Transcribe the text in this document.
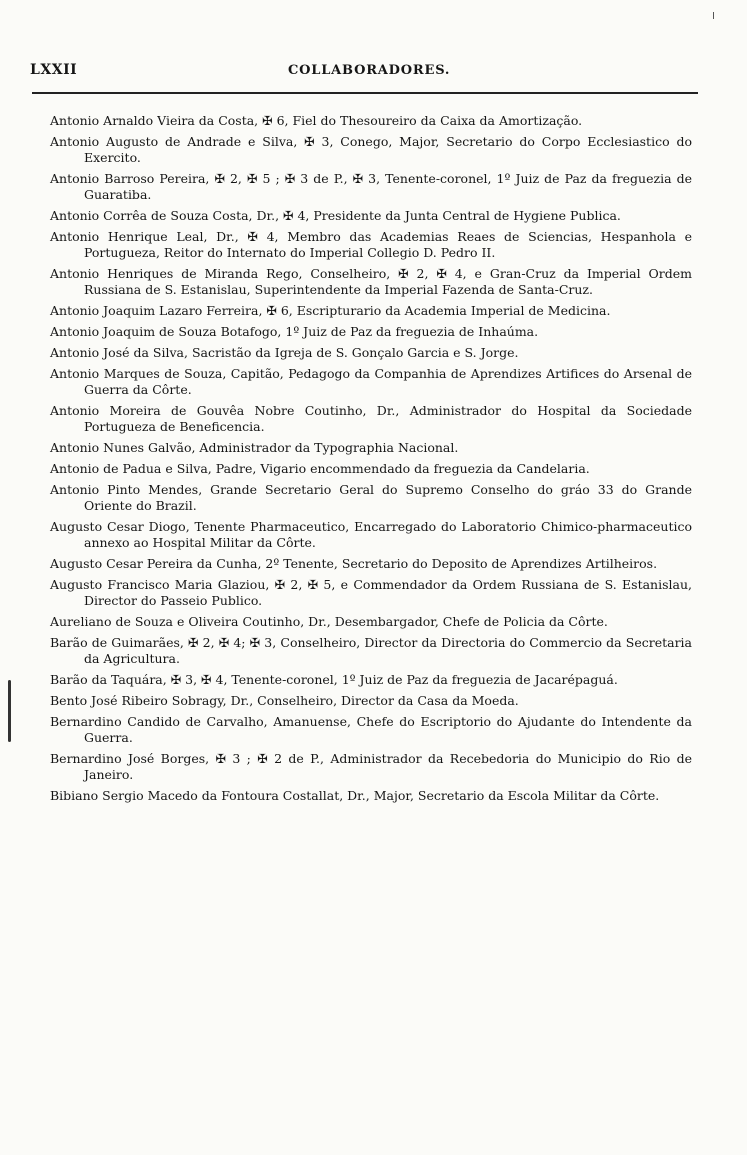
LXXII	COLLABORADORES.
Antonio Arnaldo Vieira da Costa, ✠ 6, Fiel do Thesoureiro da Caixa da Amortização.
Antonio Augusto de Andrade e Silva, ✠ 3, Conego, Major, Secretario do Corpo Ecclesiastico do Exercito.
Antonio Barroso Pereira, ✠ 2, ✠ 5 ; ✠ 3 de P., ✠ 3, Tenente-coronel, 1º Juiz de Paz da freguezia de Guaratiba.
Antonio Corrêa de Souza Costa, Dr., ✠ 4, Presidente da Junta Central de Hygiene Publica.
Antonio Henrique Leal, Dr., ✠ 4, Membro das Academias Reaes de Sciencias, Hespanhola e Portugueza, Reitor do Internato do Imperial Collegio D. Pedro II.
Antonio Henriques de Miranda Rego, Conselheiro, ✠ 2, ✠ 4, e Gran-Cruz da Imperial Ordem Russiana de S. Estanislau, Superintendente da Imperial Fazenda de Santa-Cruz.
Antonio Joaquim Lazaro Ferreira, ✠ 6, Escripturario da Academia Imperial de Medicina.
Antonio Joaquim de Souza Botafogo, 1º Juiz de Paz da freguezia de Inhaúma.
Antonio José da Silva, Sacristão da Igreja de S. Gonçalo Garcia e S. Jorge.
Antonio Marques de Souza, Capitão, Pedagogo da Companhia de Aprendizes Artifices do Arsenal de Guerra da Côrte.
Antonio Moreira de Gouvêa Nobre Coutinho, Dr., Administrador do Hospital da Sociedade Portugueza de Beneficencia.
Antonio Nunes Galvão, Administrador da Typographia Nacional.
Antonio de Padua e Silva, Padre, Vigario encommendado da freguezia da Candelaria.
Antonio Pinto Mendes, Grande Secretario Geral do Supremo Conselho do gráo 33 do Grande Oriente do Brazil.
Augusto Cesar Diogo, Tenente Pharmaceutico, Encarregado do Laboratorio Chimico-pharmaceutico annexo ao Hospital Militar da Côrte.
Augusto Cesar Pereira da Cunha, 2º Tenente, Secretario do Deposito de Aprendizes Artilheiros.
Augusto Francisco Maria Glaziou, ✠ 2, ✠ 5, e Commendador da Ordem Russiana de S. Estanislau, Director do Passeio Publico.
Aureliano de Souza e Oliveira Coutinho, Dr., Desembargador, Chefe de Policia da Côrte.
Barão de Guimarães, ✠ 2, ✠ 4; ✠ 3, Conselheiro, Director da Directoria do Commercio da Secretaria da Agricultura.
Barão da Taquára, ✠ 3, ✠ 4, Tenente-coronel, 1º Juiz de Paz da freguezia de Jacarépaguá.
Bento José Ribeiro Sobragy, Dr., Conselheiro, Director da Casa da Moeda.
Bernardino Candido de Carvalho, Amanuense, Chefe do Escriptorio do Ajudante do Intendente da Guerra.
Bernardino José Borges, ✠ 3 ; ✠ 2 de P., Administrador da Recebedoria do Municipio do Rio de Janeiro.
Bibiano Sergio Macedo da Fontoura Costallat, Dr., Major, Secretario da Escola Militar da Côrte.
